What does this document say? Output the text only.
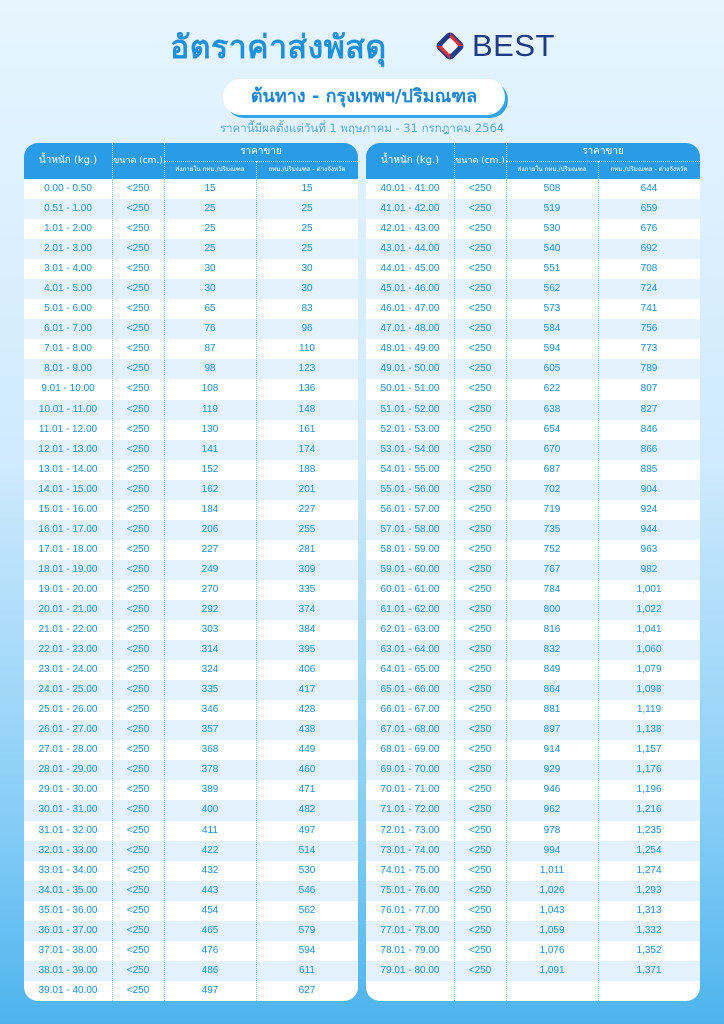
อัตราค่าส่งพัสดุ	BEST
ต้นทาง - กรุงเทพฯ/ปริมณฑล
ราคานี้มีผลตั้งแต่วันที่ 1 พฤษภาคม - 31 กรกฎาคม 2564
น้ำหนัก (kg.)	ขนาด (cm.)
ราคาขาย
ส่งภายใน กทม./ปริมณฑล	กทม./ปริมณฑล - ต่างจังหวัด
0.00 - 0.50	<250	15	15
0.51 - 1.00	<250	25	25
1.01 - 2.00	<250	25	25
2.01 - 3.00	<250	25	25
3.01 - 4.00	<250	30	30
4.01 - 5.00	<250	30	30
5.01 - 6.00	<250	65	83
6.01 - 7.00	<250	76	96
7.01 - 8.00	<250	87	110
8.01 - 9.00	<250	98	123
9.01 - 10.00	<250	108	136
10.01 - 11.00	<250	119	148
11.01 - 12.00	<250	130	161
12.01 - 13.00	<250	141	174
13.01 - 14.00	<250	152	188
14.01 - 15.00	<250	162	201
15.01 - 16.00	<250	184	227
16.01 - 17.00	<250	206	255
17.01 - 18.00	<250	227	281
18.01 - 19.00	<250	249	309
19.01 - 20.00	<250	270	335
20.01 - 21.00	<250	292	374
21.01 - 22.00	<250	303	384
22.01 - 23.00	<250	314	395
23.01 - 24.00	<250	324	406
24.01 - 25.00	<250	335	417
25.01 - 26.00	<250	346	428
26.01 - 27.00	<250	357	438
27.01 - 28.00	<250	368	449
28.01 - 29.00	<250	378	460
29.01 - 30.00	<250	389	471
30.01 - 31.00	<250	400	482
31.01 - 32.00	<250	411	497
32.01 - 33.00	<250	422	514
33.01 - 34.00	<250	432	530
34.01 - 35.00	<250	443	546
35.01 - 36.00	<250	454	562
36.01 - 37.00	<250	465	579
37.01 - 38.00	<250	476	594
38.01 - 39.00	<250	486	611
39.01 - 40.00	<250	497	627
น้ำหนัก (kg.)	ขนาด (cm.)
ราคาขาย
ส่งภายใน กทม./ปริมณฑล	กทม./ปริมณฑล - ต่างจังหวัด
40.01 - 41.00	<250	508	644
41.01 - 42.00	<250	519	659
42.01 - 43.00	<250	530	676
43.01 - 44.00	<250	540	692
44.01 - 45.00	<250	551	708
45.01 - 46.00	<250	562	724
46.01 - 47.00	<250	573	741
47.01 - 48.00	<250	584	756
48.01 - 49.00	<250	594	773
49.01 - 50.00	<250	605	789
50.01 - 51.00	<250	622	807
51.01 - 52.00	<250	638	827
52.01 - 53.00	<250	654	846
53.01 - 54.00	<250	670	866
54.01 - 55.00	<250	687	885
55.01 - 56.00	<250	702	904
56.01 - 57.00	<250	719	924
57.01 - 58.00	<250	735	944
58.01 - 59.00	<250	752	963
59.01 - 60.00	<250	767	982
60.01 - 61.00	<250	784	1,001
61.01 - 62.00	<250	800	1,022
62.01 - 63.00	<250	816	1,041
63.01 - 64.00	<250	832	1,060
64.01 - 65.00	<250	849	1,079
65.01 - 66.00	<250	864	1,098
66.01 - 67.00	<250	881	1,119
67.01 - 68.00	<250	897	1,138
68.01 - 69.00	<250	914	1,157
69.01 - 70.00	<250	929	1,176
70.01 - 71.00	<250	946	1,196
71.01 - 72.00	<250	962	1,216
72.01 - 73.00	<250	978	1,235
73.01 - 74.00	<250	994	1,254
74.01 - 75.00	<250	1,011	1,274
75.01 - 76.00	<250	1,026	1,293
76.01 - 77.00	<250	1,043	1,313
77.01 - 78.00	<250	1,059	1,332
78.01 - 79.00	<250	1,076	1,352
79.01 - 80.00	<250	1,091	1,371
